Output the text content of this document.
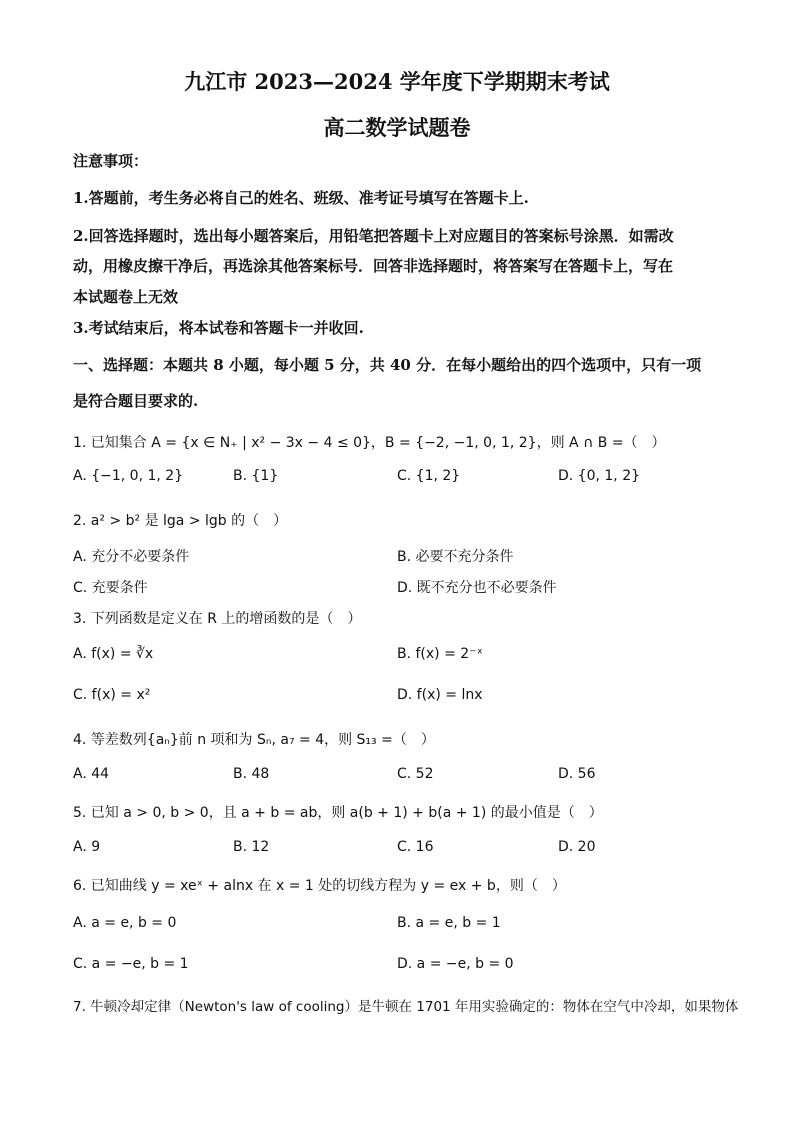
九江市 2023—2024 学年度下学期期末考试
高二数学试题卷
注意事项：
1.答题前，考生务必将自己的姓名、班级、准考证号填写在答题卡上.
2.回答选择题时，选出每小题答案后，用铅笔把答题卡上对应题目的答案标号涂黑．如需改
动，用橡皮擦干净后，再选涂其他答案标号．回答非选择题时，将答案写在答题卡上，写在
本试题卷上无效
3.考试结束后，将本试卷和答题卡一并收回.
一、选择题：本题共 8 小题，每小题 5 分，共 40 分．在每小题给出的四个选项中，只有一项
是符合题目要求的.
1. 已知集合 A = {x ∈ N₊ | x² − 3x − 4 ≤ 0}，B = {−2, −1, 0, 1, 2}，则 A ∩ B =（　）
A. {−1, 0, 1, 2}	B. {1}	C. {1, 2}	D. {0, 1, 2}
2. a² > b² 是 lga > lgb 的（　）
A. 充分不必要条件	B. 必要不充分条件
C. 充要条件	D. 既不充分也不必要条件
3. 下列函数是定义在 R 上的增函数的是（　）
A. f(x) = ∛x	B. f(x) = 2⁻ˣ
C. f(x) = x²	D. f(x) = lnx
4. 等差数列{aₙ}前 n 项和为 Sₙ, a₇ = 4，则 S₁₃ =（　）
A. 44	B. 48	C. 52	D. 56
5. 已知 a > 0, b > 0，且 a + b = ab，则 a(b + 1) + b(a + 1) 的最小值是（　）
A. 9	B. 12	C. 16	D. 20
6. 已知曲线 y = xeˣ + alnx 在 x = 1 处的切线方程为 y = ex + b，则（　）
A. a = e, b = 0	B. a = e, b = 1
C. a = −e, b = 1	D. a = −e, b = 0
7. 牛顿冷却定律（Newton's law of cooling）是牛顿在 1701 年用实验确定的：物体在空气中冷却，如果物体
